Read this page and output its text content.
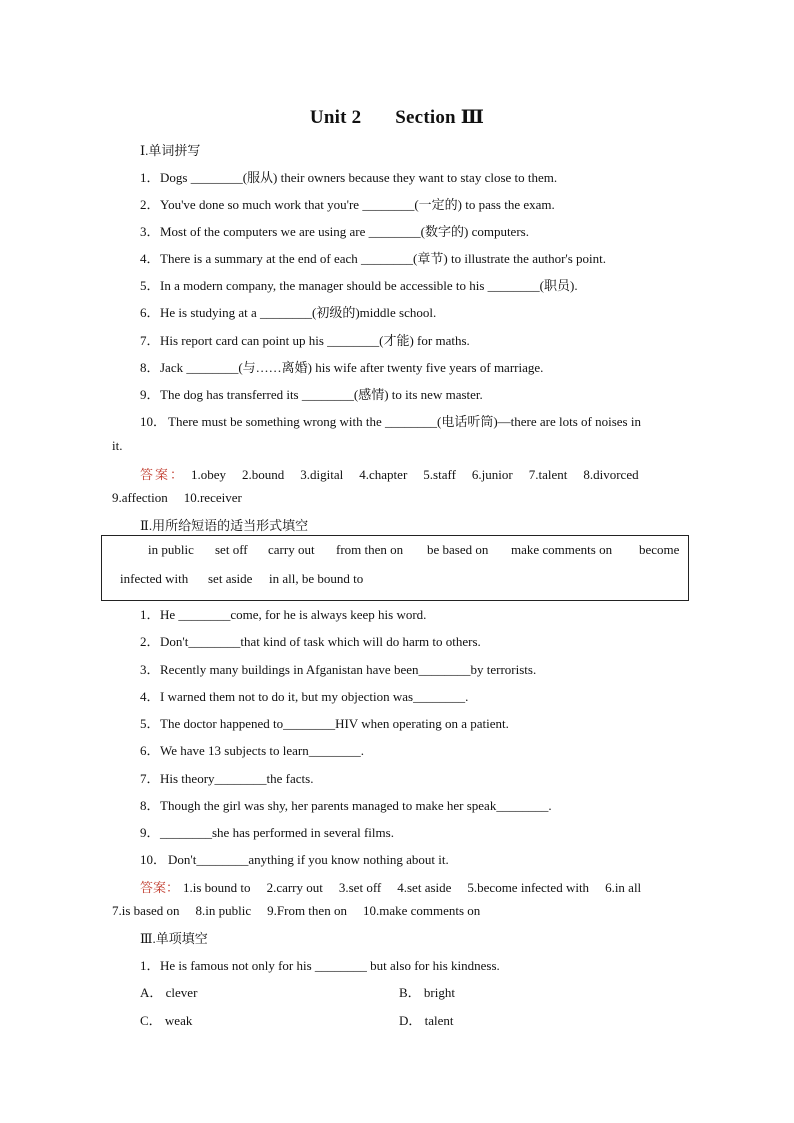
Unit 2 Section Ⅲ
Ⅰ.单词拼写
1．Dogs ________(服从) their owners because they want to stay close to them.
2．You've done so much work that you're ________(一定的) to pass the exam.
3．Most of the computers we are using are ________(数字的) computers.
4．There is a summary at the end of each ________(章节) to illustrate the author's point.
5．In a modern company, the manager should be accessible to his ________(职员).
6．He is studying at a ________(初级的)middle school.
7．His report card can point up his ________(才能) for maths.
8．Jack ________(与……离婚) his wife after twenty five years of marriage.
9．The dog has transferred its ________(感情) to its new master.
10． There must be something wrong with the ________(电话听筒)—there are lots of noises in
it.
答案： 1.obey 2.bound 3.digital 4.chapter 5.staff 6.junior 7.talent 8.divorced
9.affection 10.receiver
Ⅱ.用所给短语的适当形式填空
in public set off carry out from then on be based on make comments on become
infected with set aside in all, be bound to
1．He ________come, for he is always keep his word.
2．Don't________that kind of task which will do harm to others.
3．Recently many buildings in Afganistan have been________by terrorists.
4．I warned them not to do it, but my objection was________.
5．The doctor happened to________HIV when operating on a patient.
6．We have 13 subjects to learn________.
7．His theory________the facts.
8．Though the girl was shy, her parents managed to make her speak________.
9．________she has performed in several films.
10． Don't________anything if you know nothing about it.
答案： 1.is bound to 2.carry out 3.set off 4.set aside 5.become infected with 6.in all
7.is based on 8.in public 9.From then on 10.make comments on
Ⅲ.单项填空
1．He is famous not only for his ________ but also for his kindness.
A． clever	B． bright
C． weak	D． talent
